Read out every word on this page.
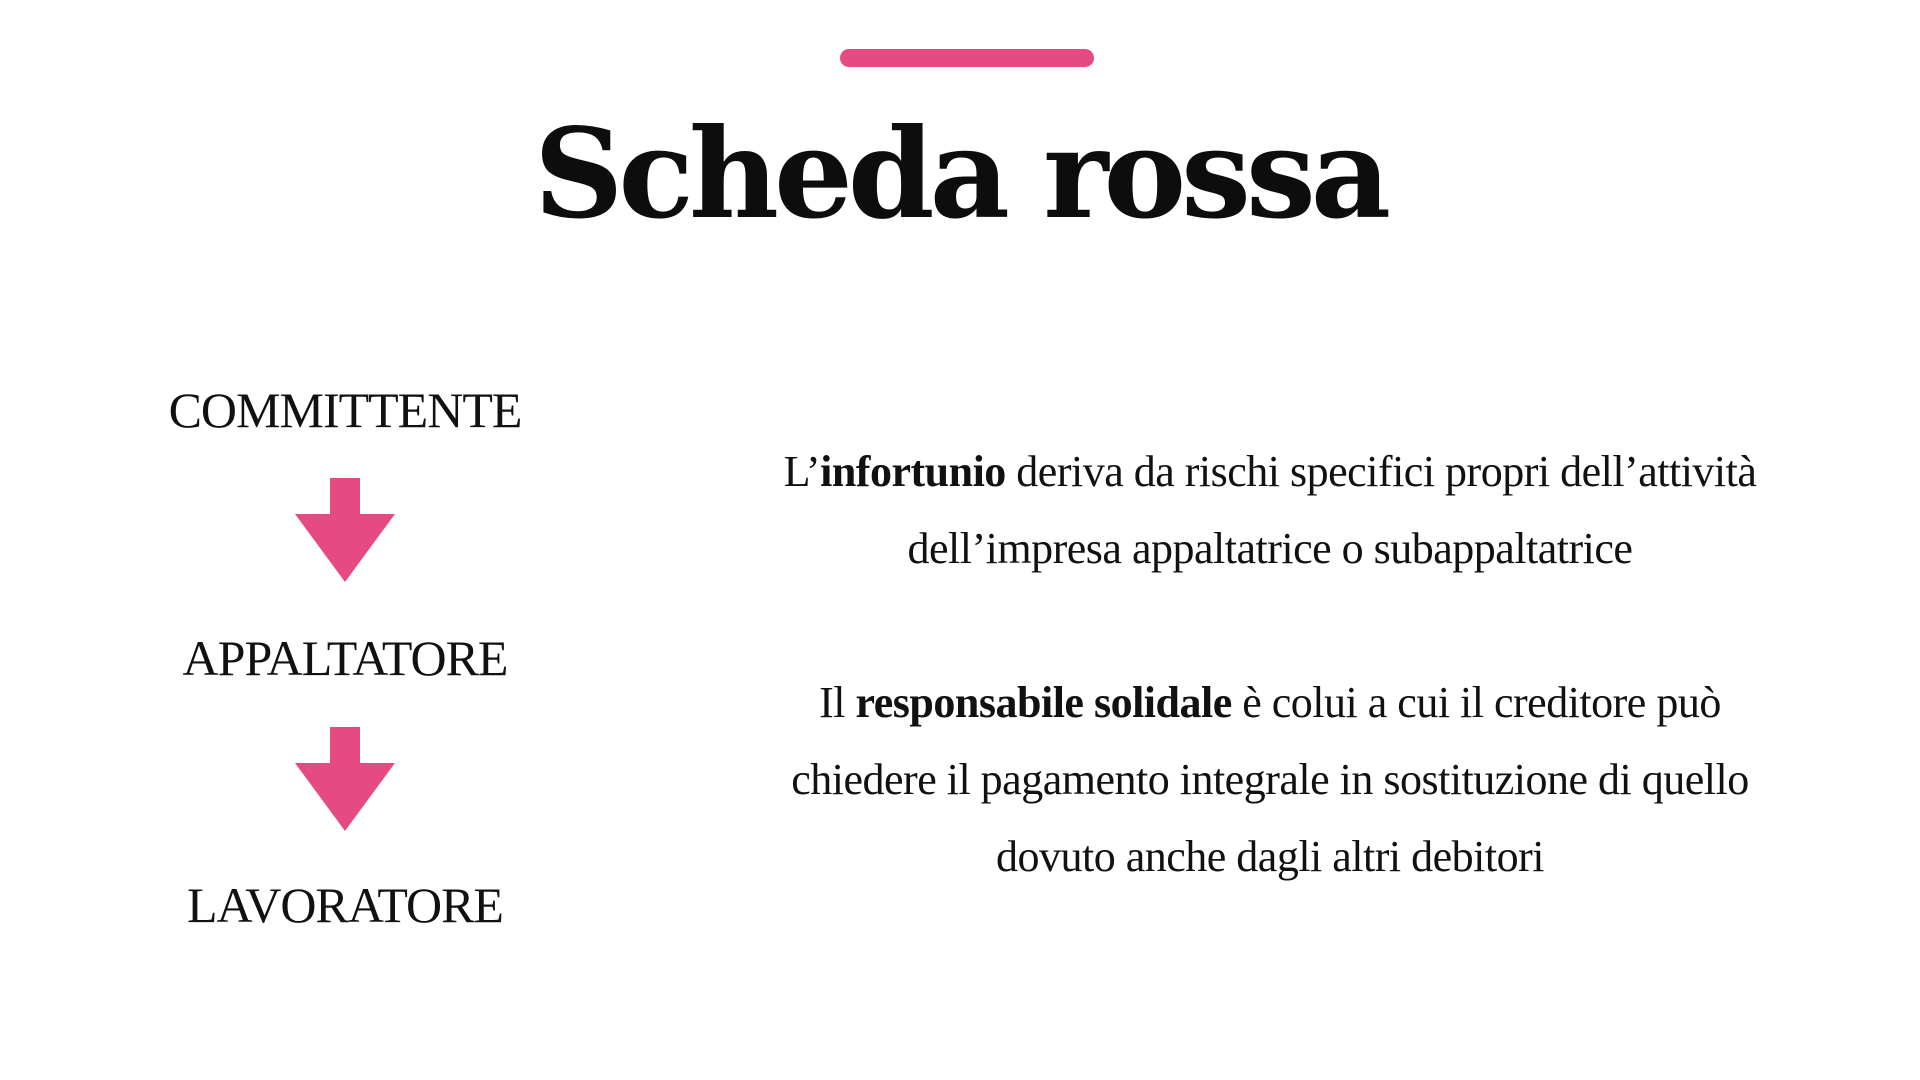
Scheda rossa
COMMITTENTE
APPALTATORE
LAVORATORE

L’infortunio deriva da rischi specifici propri dell’attività
dell’impresa appaltatrice o subappaltatrice

Il responsabile solidale è colui a cui il creditore può
chiedere il pagamento integrale in sostituzione di quello
dovuto anche dagli altri debitori
